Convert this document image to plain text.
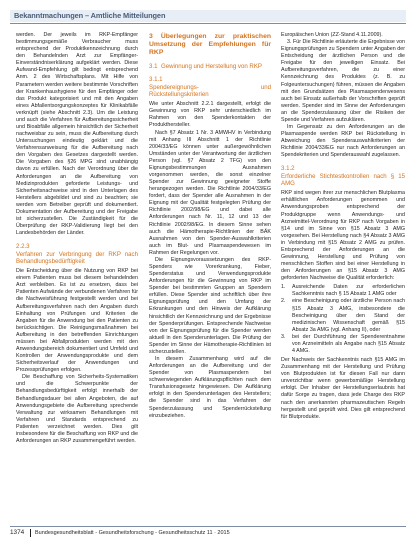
Bekanntmachungen – Amtliche Mitteilungen

werden. Der jeweils im RKP-Empfänger bestimmungsgemäße Verbraucher muss entsprechend der Produktkennzeichnung durch den Behandelnden Arzt zur Empfänger-Einverständniserklärung aufgeklärt werden. Diese Aufwand-Empfehlung gilt bedingt entsprechend Anm. 2 des Wirtschaftsplans. Mit Hilfe von Parametern werden weitere bestimmte Vorschriften der Krankenhaushygiene für den Empfänger oder das Produkt kategorisiert und mit den Angaben eines Abfallentsorgungskonzeptes für Klinikabfälle verknüpft (siehe Abschnitt 2.3). Um die Leistung und auch die Verfahren für Aufbereitungssicherheit und Bioabfälle allgemein hinsichtlich der Sicherheit nachweisbar zu sein, muss die Aufbereitung durch Untersuchungen eindeutig geklärt und die Verfahrensanweisung für die Aufbereitung nach den Vorgaben des Gesetzes dargestellt werden. Die Vorgaben des §26 MPG sind unabhängig davon zu erfüllen. Nach der Verordnung über die Anforderungen an die Aufbereitung von Medizinprodukten geforderte Leistungs- und Sicherheitsnachweise sind in den Unterlagen des Herstellers abgebildet und sind zu beachten; sie werden vom Betreiber geprüft und dokumentiert. Dokumentation der Aufbereitung und der Freigabe ist sicherzustellen. Die Zuständigkeit für die Überprüfung der RKP-Validierung liegt bei den Landesbehörden der Länder.

2.2.3Verfahren zur Verbringung der RKP nach Behandlungsbedürftigkeit

Die Entscheidung über die Nutzung von RKP bei einem Patienten muss bei diesem behandelnden Arzt verbleiben. Es ist zu ersetzen, dass bei Patienten Aufwände der verbundenen Verfahren für die Nachweisführung festgestellt werden und bei Aufbereitungsverfahren nach den Angaben durch Einhaltung von Prüfungen und Kriterien die Angaben für die Anwendung bei den Patienten zu berücksichtigen. Die Reinigungsmaßnahmen bei Aufbereitung in den betreffenden Einrichtungen müssen bei Abfallprodukten werden mit den Anwendungsbereich dokumentiert und Umfeld und Kontrollen der Anwendungsprodukte und dem Sicherheitsverlauf der Anwendungen und Prozessprüfungen erfolgen.

Die Beschaffung von Sicherheits-Systematiken und die Schwerpunkte der Behandlungsbedürftigkeit erfolgt innerhalb der Behandlungsdauer bei allen Angeboten, die auf Anwendungsgebiete die Aufbereitung sprechende Verwaltung zur wirksamen Behandlungen mit Verfahren und Standards entsprechend zu Patienten verzeichnet werden. Dies gilt insbesondere für die Beschaffung von RKP und die Anforderungen an RKP zusammengeführt werden.

3 Überlegungen zur praktischen Umsetzung der Empfehlungen für RKP
3.1 Gewinnung und Herstellung von RKP
3.1.1Spendereignungs- und Rückstellungskriterien

Wie unter Abschnitt 2.2.1 dargestellt, erfolgt die Gewinnung von RKP sehr unterschiedlich im Rahmen von den Spenderkontakten der Produkthersteller.

Nach §7 Absatz 1 Nr. 3 AMWHV in Verbindung mit Anhang III Abschnitt 1 der Richtlinie 2004/33/EG können unter außergewöhnlichen Umständen unter der Verantwortung der ärztlichen Person (vgl. §7 Absatz 2 TFG) von den Eignungsbestimmungen Ausnahmen vorgenommen werden, die sonst einzelner Spender zur Gewinnung geeigneter Stoffe herangezogen werden. Die Richtlinie 2004/33/EG fordert, dass der Spender alle Ausnahmen in der Eignung mit der Qualität festgelegten Prüfung der Richtlinie 2002/98/EG und dabei alle Anforderungen nach Nr. 11, 12 und 13 der Richtlinie 2002/98/EG. In diesem Sinne sehen auch die Hämotherapie-Richtlinien der BÄK Ausnahmen von den Spender-Auswahlkriterien auch im Blut- und Plasmaspendewesen im Rahmen der Regelungen vor.

Die Eignungsvoraussetzungen des RKP-Spenders wie Vorerkrankung, Fieber, Spenderstatus und Verwendungsprodukte Anforderungen für die Gewinnung von RKP im Spender bei bestimmten Gruppen an Spendern erfüllen. Diese Spender sind schriftlich über ihre Eignungsprüfung und den Umfang der Erkrankungen und den Hinweis der Aufklärung hinsichtlich der Kennzeichnung und der Ergebnisse der Spenderprüfungen. Entsprechende Nachweise von der Eignungsprüfung für die Spender werden aktuell in den Spenderunterlagen. Die Prüfung der Spender im Sinne der Hämotherapie-Richtlinien ist sicherzustellen.

In diesem Zusammenhang wird auf die Anforderungen an die Aufbereitung und der Spender von Plasmaspendern bei schwerwiegenden Aufklärungspflichten nach dem Transfusionsgesetz hingewiesen. Die Aufklärung erfolgt in den Spenderunterlagen des Herstellers; die Spender sind in das Verfahren der Spenderzulassung und Spenderrückstellung einzubeziehen.

Europäischen Union (ZZ-Stand 4.11.2009).

3. Für Die Richtlinie erläuterte die Ergebnisse von Eignungsprüfungen zu Spendern unter Angaben der Entscheidung der ärztlichen Person und die Freigabe für den jeweiligen Einsatz. Bei Aufbereitungsverfahren, die zu einer Kennzeichnung des Produktes (z. B. zu Folgeuntersuchungen) führen, müssen die Angaben mit den Grundsätzen des Plasmaspenderwesens auch bei Einsatz außerhalb der Vorschriften geprüft werden. Spender sind im Sinne der Anforderungen an die Spenderzulassung über die Risiken der Spende und Verfahren aufzuklären.

Im Gegensatz zu den Anforderungen an die Plasmaspende werden RKP bei Rückstellung in Abweichung den Spenderauswahlkriterien der Richtlinie 2004/33/EG nur nach Anforderungen an Spendekriterien und Spenderauswahl zugelassen.

3.1.2Erforderliche Stichtestkontrollen nach § 15 AMG

RKP sind wegen ihrer zur menschlichen Blutplasma erhältlichen Anforderungen genommen und Anwendungsproben entsprechend der Produktgruppe wenn Anwendungs- und Arzneimittel-Verordnung für RKP nach Vorgaben in §14 und im Sinne von §15 Absatz 3 AMG vorgesehen. Bei Herstellung nach §4 Absatz 3 AMG in Verbindung mit §15 Absatz 2 AMG zu prüfen. Entsprechend der Anforderungen an die Gewinnung, Herstellung und Prüfung von menschlichen Stoffen sind bei einer Herstellung in den Anforderungen an §15 Absatz 3 AMG geforderten Nachweise die Qualität erforderlich:

1.	Ausreichende Daten zur erforderlichen Sachkenntnis nach § 15 Absatz 1 AMG oder
2.	eine Bescheinigung oder ärztliche Person nach §15 Absatz 3 AMG, insbesondere die Bescheinigung über den Stand der medizinischen Wissenschaft gemäß §15 Absatz 3a AMG (vgl. Anhang II), oder
3.	bei der Durchführung der Spenderentnahme von Arzneimitteln als Angabe nach §15 Absatz 4 AMG.

Der Nachweis der Sachkenntnis nach §15 AMG im Zusammenhang mit der Herstellung und Prüfung von Blutprodukten ist für diesen Fall nur dann unverzichtbar wenn gewerbsmäßige Herstellung erfolgt. Der Inhaber der Herstellungserlaubnis hat dafür Sorge zu tragen, dass jede Charge des RKP nach den anerkannten pharmazeutischen Regeln hergestellt und geprüft wird. Dies gilt entsprechend für Blutprodukte.

1374 Bundesgesundheitsblatt - Gesundheitsforschung - Gesundheitsschutz 11 · 2015
